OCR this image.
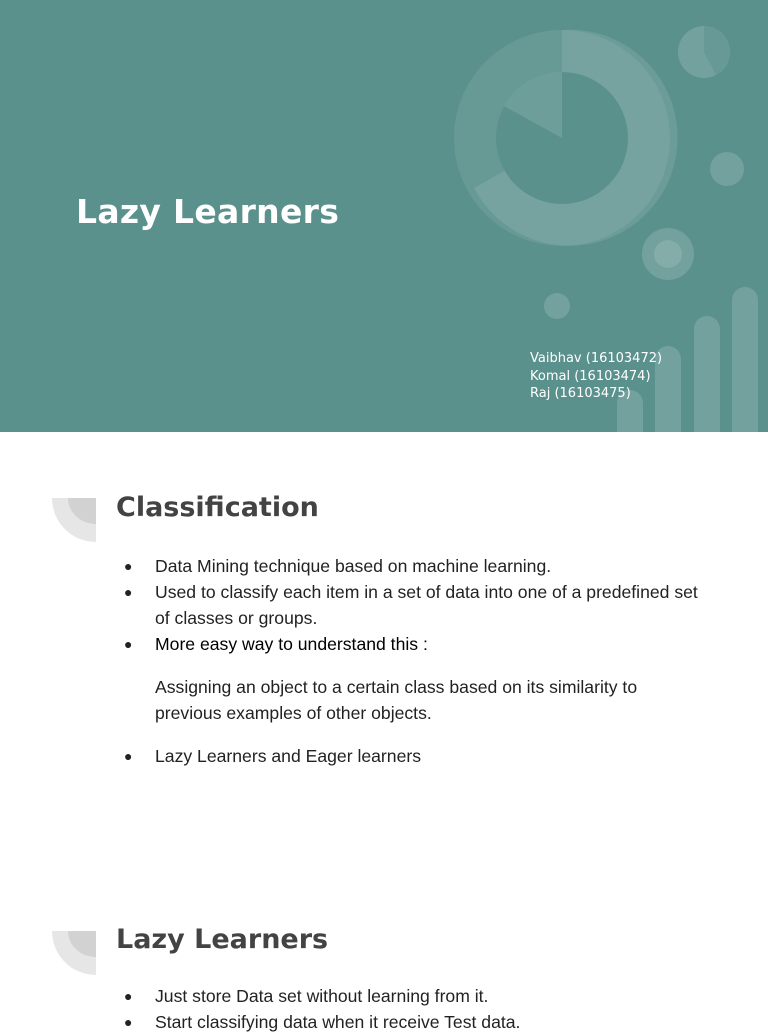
Lazy Learners
Vaibhav (16103472)
Komal (16103474)
Raj (16103475)
Classification
● Data Mining technique based on machine learning.
● Used to classify each item in a set of data into one of a predefined set of classes or groups.
● More easy way to understand this :
Assigning an object to a certain class based on its similarity to previous examples of other objects.
● Lazy Learners and Eager learners
Lazy Learners
● Just store Data set without learning from it.
● Start classifying data when it receive Test data.
